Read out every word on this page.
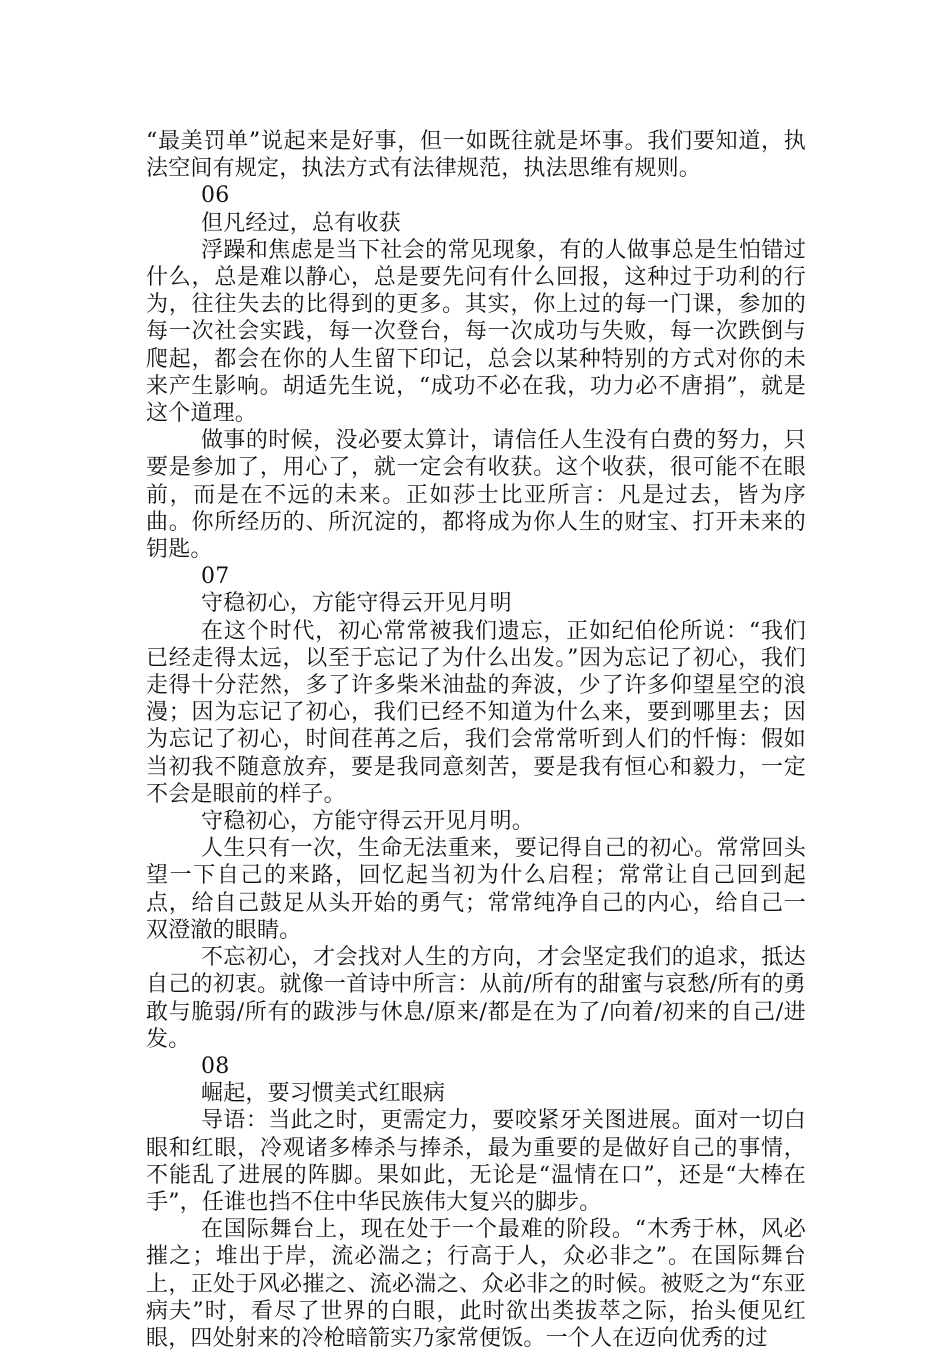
“最美罚单”说起来是好事，但一如既往就是坏事。我们要知道，执法空间有规定，执法方式有法律规范，执法思维有规则。

06

但凡经过，总有收获

浮躁和焦虑是当下社会的常见现象，有的人做事总是生怕错过什么，总是难以静心，总是要先问有什么回报，这种过于功利的行为，往往失去的比得到的更多。其实，你上过的每一门课，参加的每一次社会实践，每一次登台，每一次成功与失败，每一次跌倒与爬起，都会在你的人生留下印记，总会以某种特别的方式对你的未来产生影响。胡适先生说，“成功不必在我，功力必不唐捐”，就是这个道理。

做事的时候，没必要太算计，请信任人生没有白费的努力，只要是参加了，用心了，就一定会有收获。这个收获，很可能不在眼前，而是在不远的未来。正如莎士比亚所言：凡是过去，皆为序曲。你所经历的、所沉淀的，都将成为你人生的财宝、打开未来的钥匙。

07

守稳初心，方能守得云开见月明

在这个时代，初心常常被我们遗忘，正如纪伯伦所说：“我们已经走得太远，以至于忘记了为什么出发。”因为忘记了初心，我们走得十分茫然，多了许多柴米油盐的奔波，少了许多仰望星空的浪漫；因为忘记了初心，我们已经不知道为什么来，要到哪里去；因为忘记了初心，时间荏苒之后，我们会常常听到人们的忏悔：假如当初我不随意放弃，要是我同意刻苦，要是我有恒心和毅力，一定不会是眼前的样子。

守稳初心，方能守得云开见月明。

人生只有一次，生命无法重来，要记得自己的初心。常常回头望一下自己的来路，回忆起当初为什么启程；常常让自己回到起点，给自己鼓足从头开始的勇气；常常纯净自己的内心，给自己一双澄澈的眼睛。

不忘初心，才会找对人生的方向，才会坚定我们的追求，抵达自己的初衷。就像一首诗中所言：从前/所有的甜蜜与哀愁/所有的勇敢与脆弱/所有的跋涉与休息/原来/都是在为了/向着/初来的自己/进发。

08

崛起，要习惯美式红眼病

导语：当此之时，更需定力，要咬紧牙关图进展。面对一切白眼和红眼，冷观诸多棒杀与捧杀，最为重要的是做好自己的事情，不能乱了进展的阵脚。果如此，无论是“温情在口”，还是“大棒在手”，任谁也挡不住中华民族伟大复兴的脚步。

在国际舞台上，现在处于一个最难的阶段。“木秀于林，风必摧之；堆出于岸，流必湍之；行高于人，众必非之”。在国际舞台上，正处于风必摧之、流必湍之、众必非之的时候。被贬之为“东亚病夫”时，看尽了世界的白眼，此时欲出类拔萃之际，抬头便见红眼，四处射来的冷枪暗箭实乃家常便饭。一个人在迈向优秀的过
